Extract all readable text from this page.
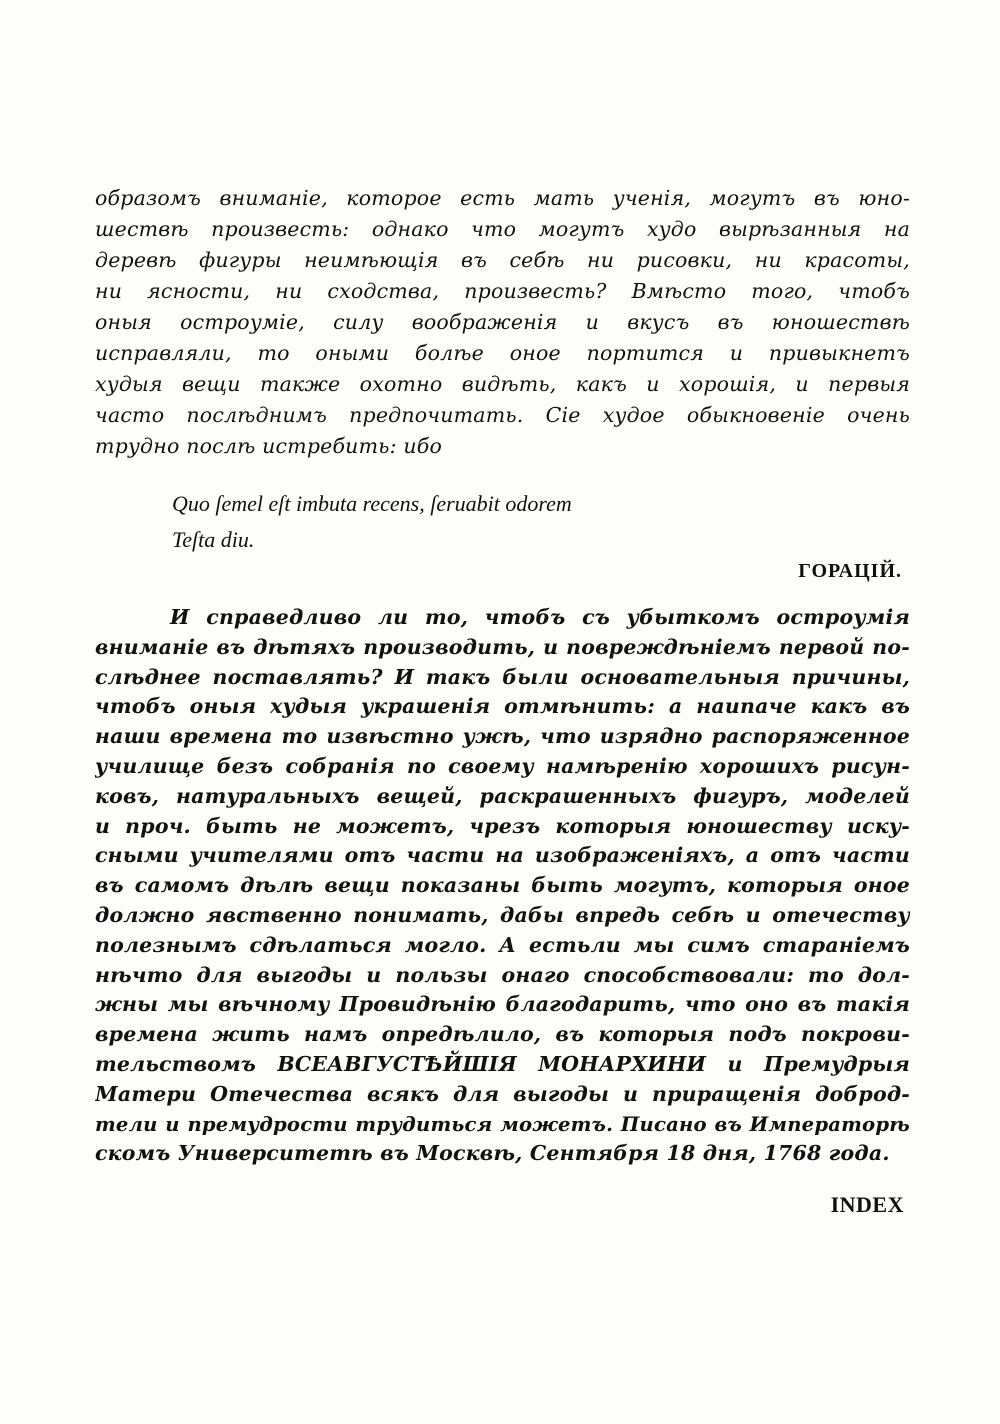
образомъ вниманіе, которое есть мать ученія, могутъ въ юно-
шествѣ произвесть: однако что могутъ худо вырѣзанныя на
деревѣ фигуры неимѣющія въ себѣ ни рисовки, ни красоты,
ни ясности, ни сходства, произвесть? Вмѣсто того, чтобъ
оныя остроуміе, силу воображенія и вкусъ въ юношествѣ
исправляли, то оными болѣе оное портится и привыкнетъ
худыя вещи также охотно видѣть, какъ и хорошія, и первыя
часто послѣднимъ предпочитать. Сіе худое обыкновеніе очень
трудно послѣ истребить: ибо
Quo ſemel eſt imbuta recens, ſeruabit odorem
Teſta diu.
ГОРАЦІЙ.
И справедливо ли то, чтобъ съ убыткомъ остроумія
вниманіе въ дѣтяхъ производить, и повреждѣніемъ первой по-
слѣднее поставлять? И такъ были основательныя причины,
чтобъ оныя худыя украшенія отмѣнить: а наипаче какъ въ
наши времена то извѣстно ужѣ, что изрядно распоряженное
училище безъ собранія по своему намѣренію хорошихъ рисун-
ковъ, натуральныхъ вещей, раскрашенныхъ фигуръ, моделей
и проч. быть не можетъ, чрезъ которыя юношеству иску-
сными учителями отъ части на изображеніяхъ, а отъ части
въ самомъ дѣлѣ вещи показаны быть могутъ, которыя оное
должно явственно понимать, дабы впредь себѣ и отечеству
полезнымъ сдѣлаться могло. А естьли мы симъ стараніемъ
нѣчто для выгоды и пользы онаго способствовали: то дол-
жны мы вѣчному Провидѣнію благодарить, что оно въ такія
времена жить намъ опредѣлило, въ которыя подъ покрови-
тельствомъ ВСЕАВГУСТѢЙШІЯ МОНАРХИНИ и Премудрыя
Матери Отечества всякъ для выгоды и приращенія доброд-
тели и премудрости трудиться можетъ. Писано въ Императорѣ
скомъ Университетѣ въ Москвѣ, Сентября 18 дня, 1768 года.
INDEX
